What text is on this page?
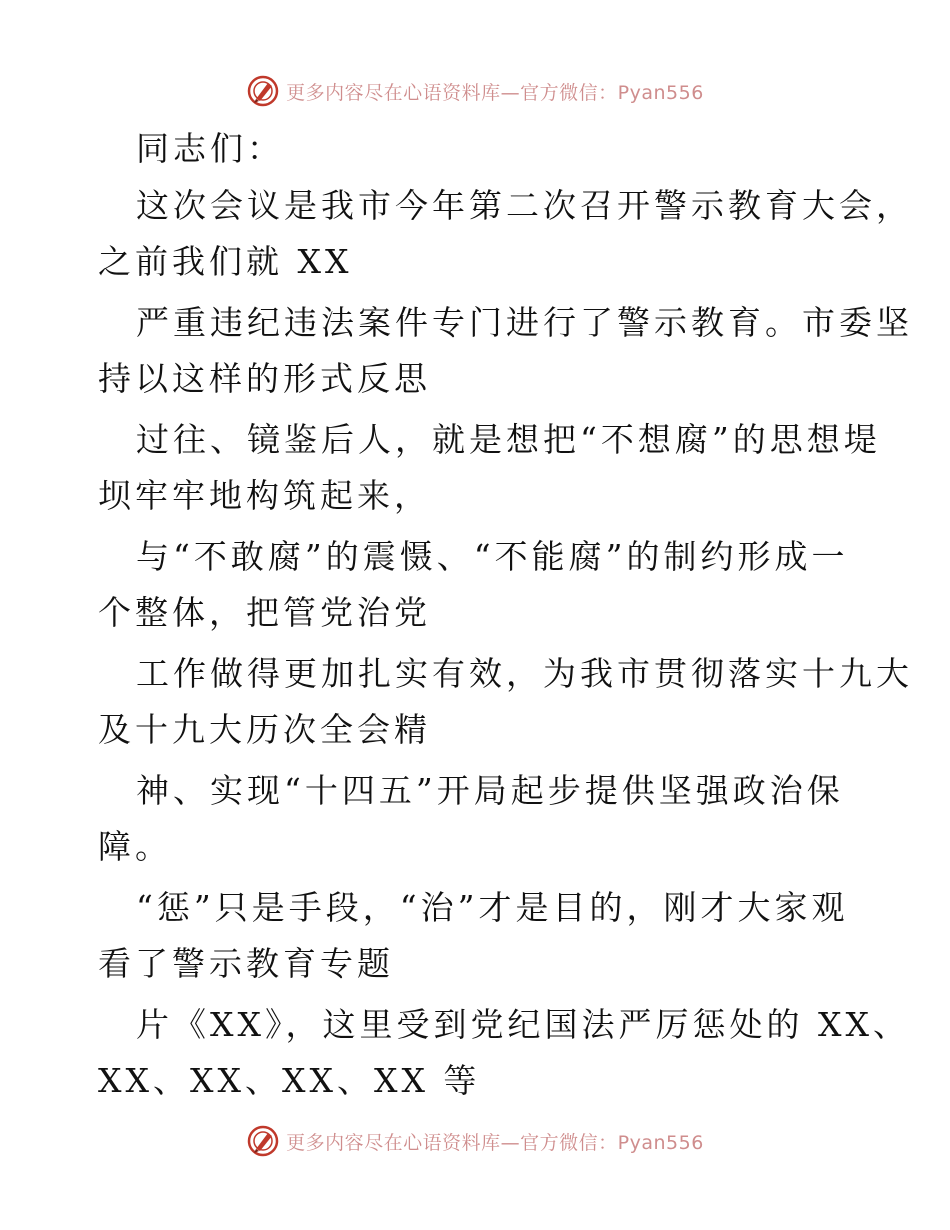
更多内容尽在心语资料库—官方微信：Pyan556
同志们：
这次会议是我市今年第二次召开警示教育大会，
之前我们就 XX
严重违纪违法案件专门进行了警示教育。市委坚
持以这样的形式反思
过往、镜鉴后人，就是想把“不想腐”的思想堤
坝牢牢地构筑起来，
与“不敢腐”的震慑、“不能腐”的制约形成一
个整体，把管党治党
工作做得更加扎实有效，为我市贯彻落实十九大
及十九大历次全会精
神、实现“十四五”开局起步提供坚强政治保
障。
“惩”只是手段，“治”才是目的，刚才大家观
看了警示教育专题
片《XX》，这里受到党纪国法严厉惩处的 XX、
XX、XX、XX、XX 等
更多内容尽在心语资料库—官方微信：Pyan556
